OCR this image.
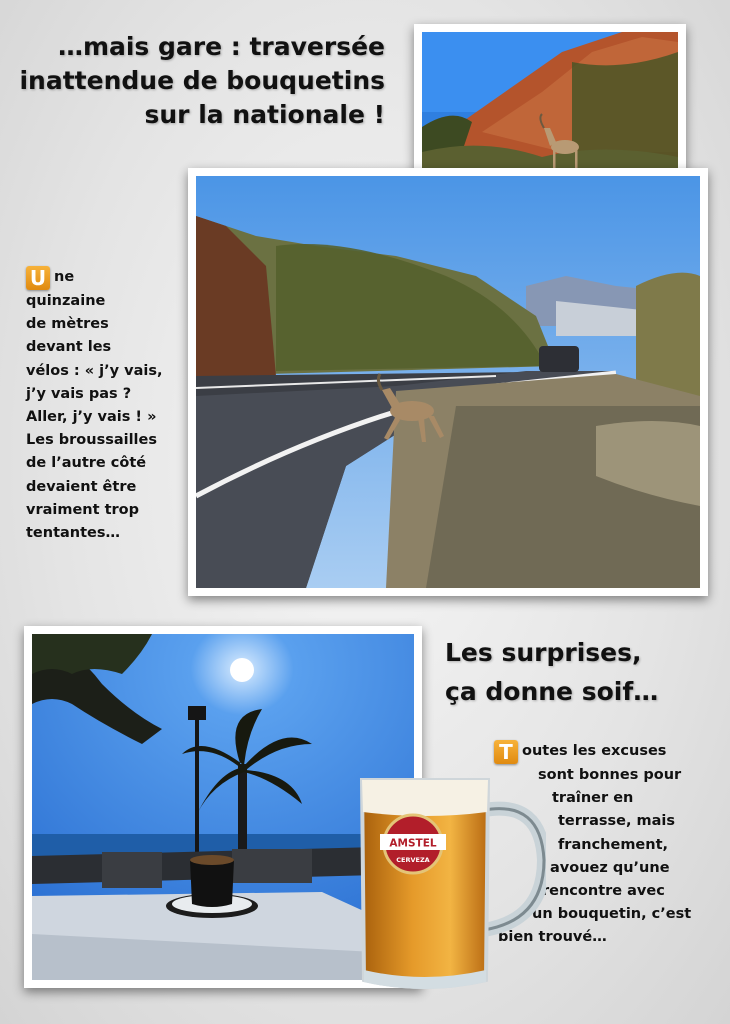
…mais gare : traversée
inattendue de bouquetins
sur la nationale !
U ne
quinzaine
de mètres
devant les
vélos : « j’y vais,
j’y vais pas ?
Aller, j’y vais ! »
Les broussailles
de l’autre côté
devaient être
vraiment trop
tentantes…
Les surprises,
ça donne soif…
T outes les excuses
sont bonnes pour
traîner en
terrasse, mais
franchement,
avouez qu’une
rencontre avec
un bouquetin, c’est
bien trouvé…
AMSTEL
CERVEZA
